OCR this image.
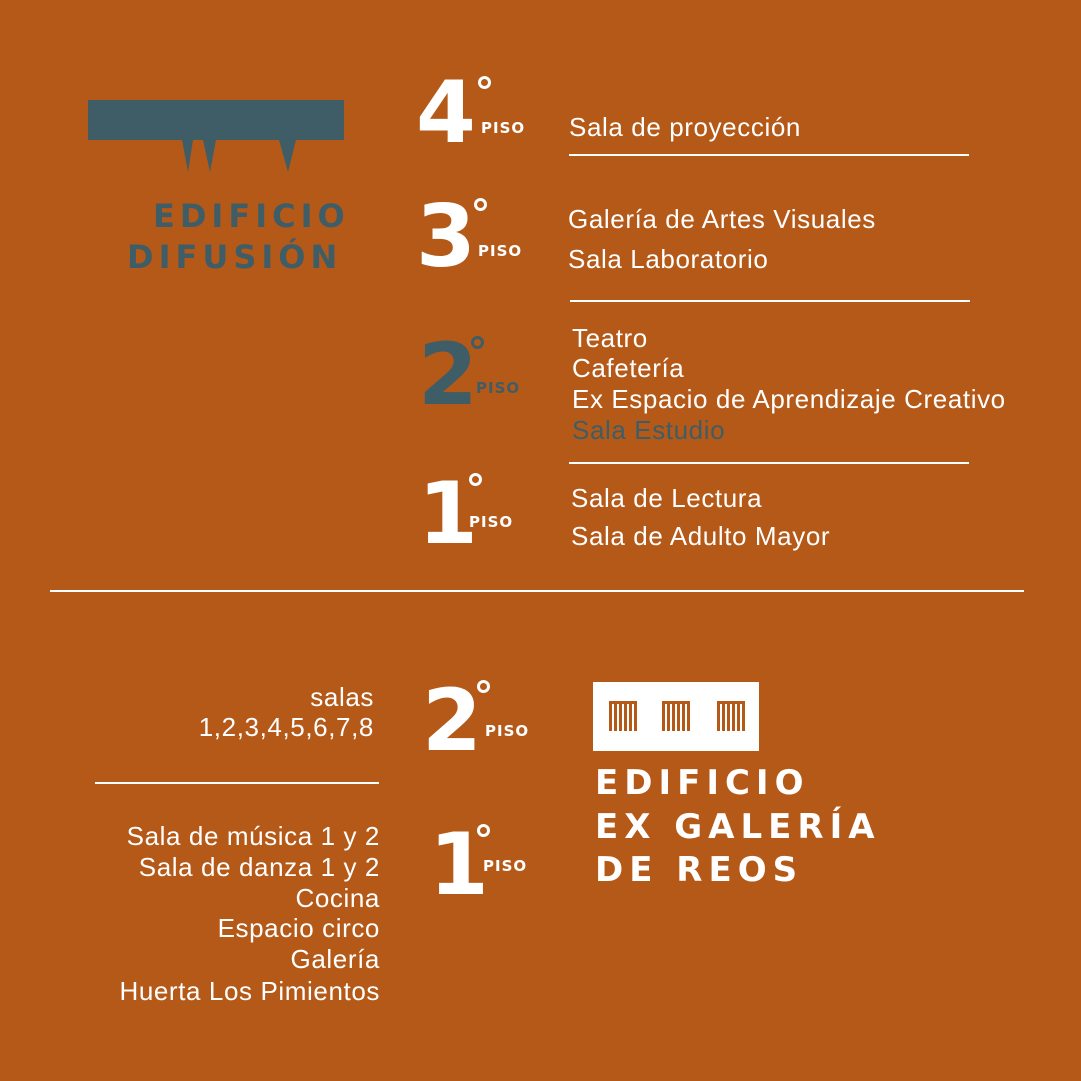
EDIFICIO
DIFUSIÓN
4 PISO Sala de proyección
3 PISO
Galería de Artes Visuales
Sala Laboratorio
2 PISO
Teatro
Cafetería
Ex Espacio de Aprendizaje Creativo
Sala Estudio
1
PISO
Sala de Lectura
Sala de Adulto Mayor
salas
1,2,3,4,5,6,7,8 2 PISO
Sala de música 1 y 2
Sala de danza 1 y 2
Cocina
Espacio circo
Galería
Huerta Los Pimientos
1
PISO
EDIFICIO
EX GALERÍA
DE REOS
